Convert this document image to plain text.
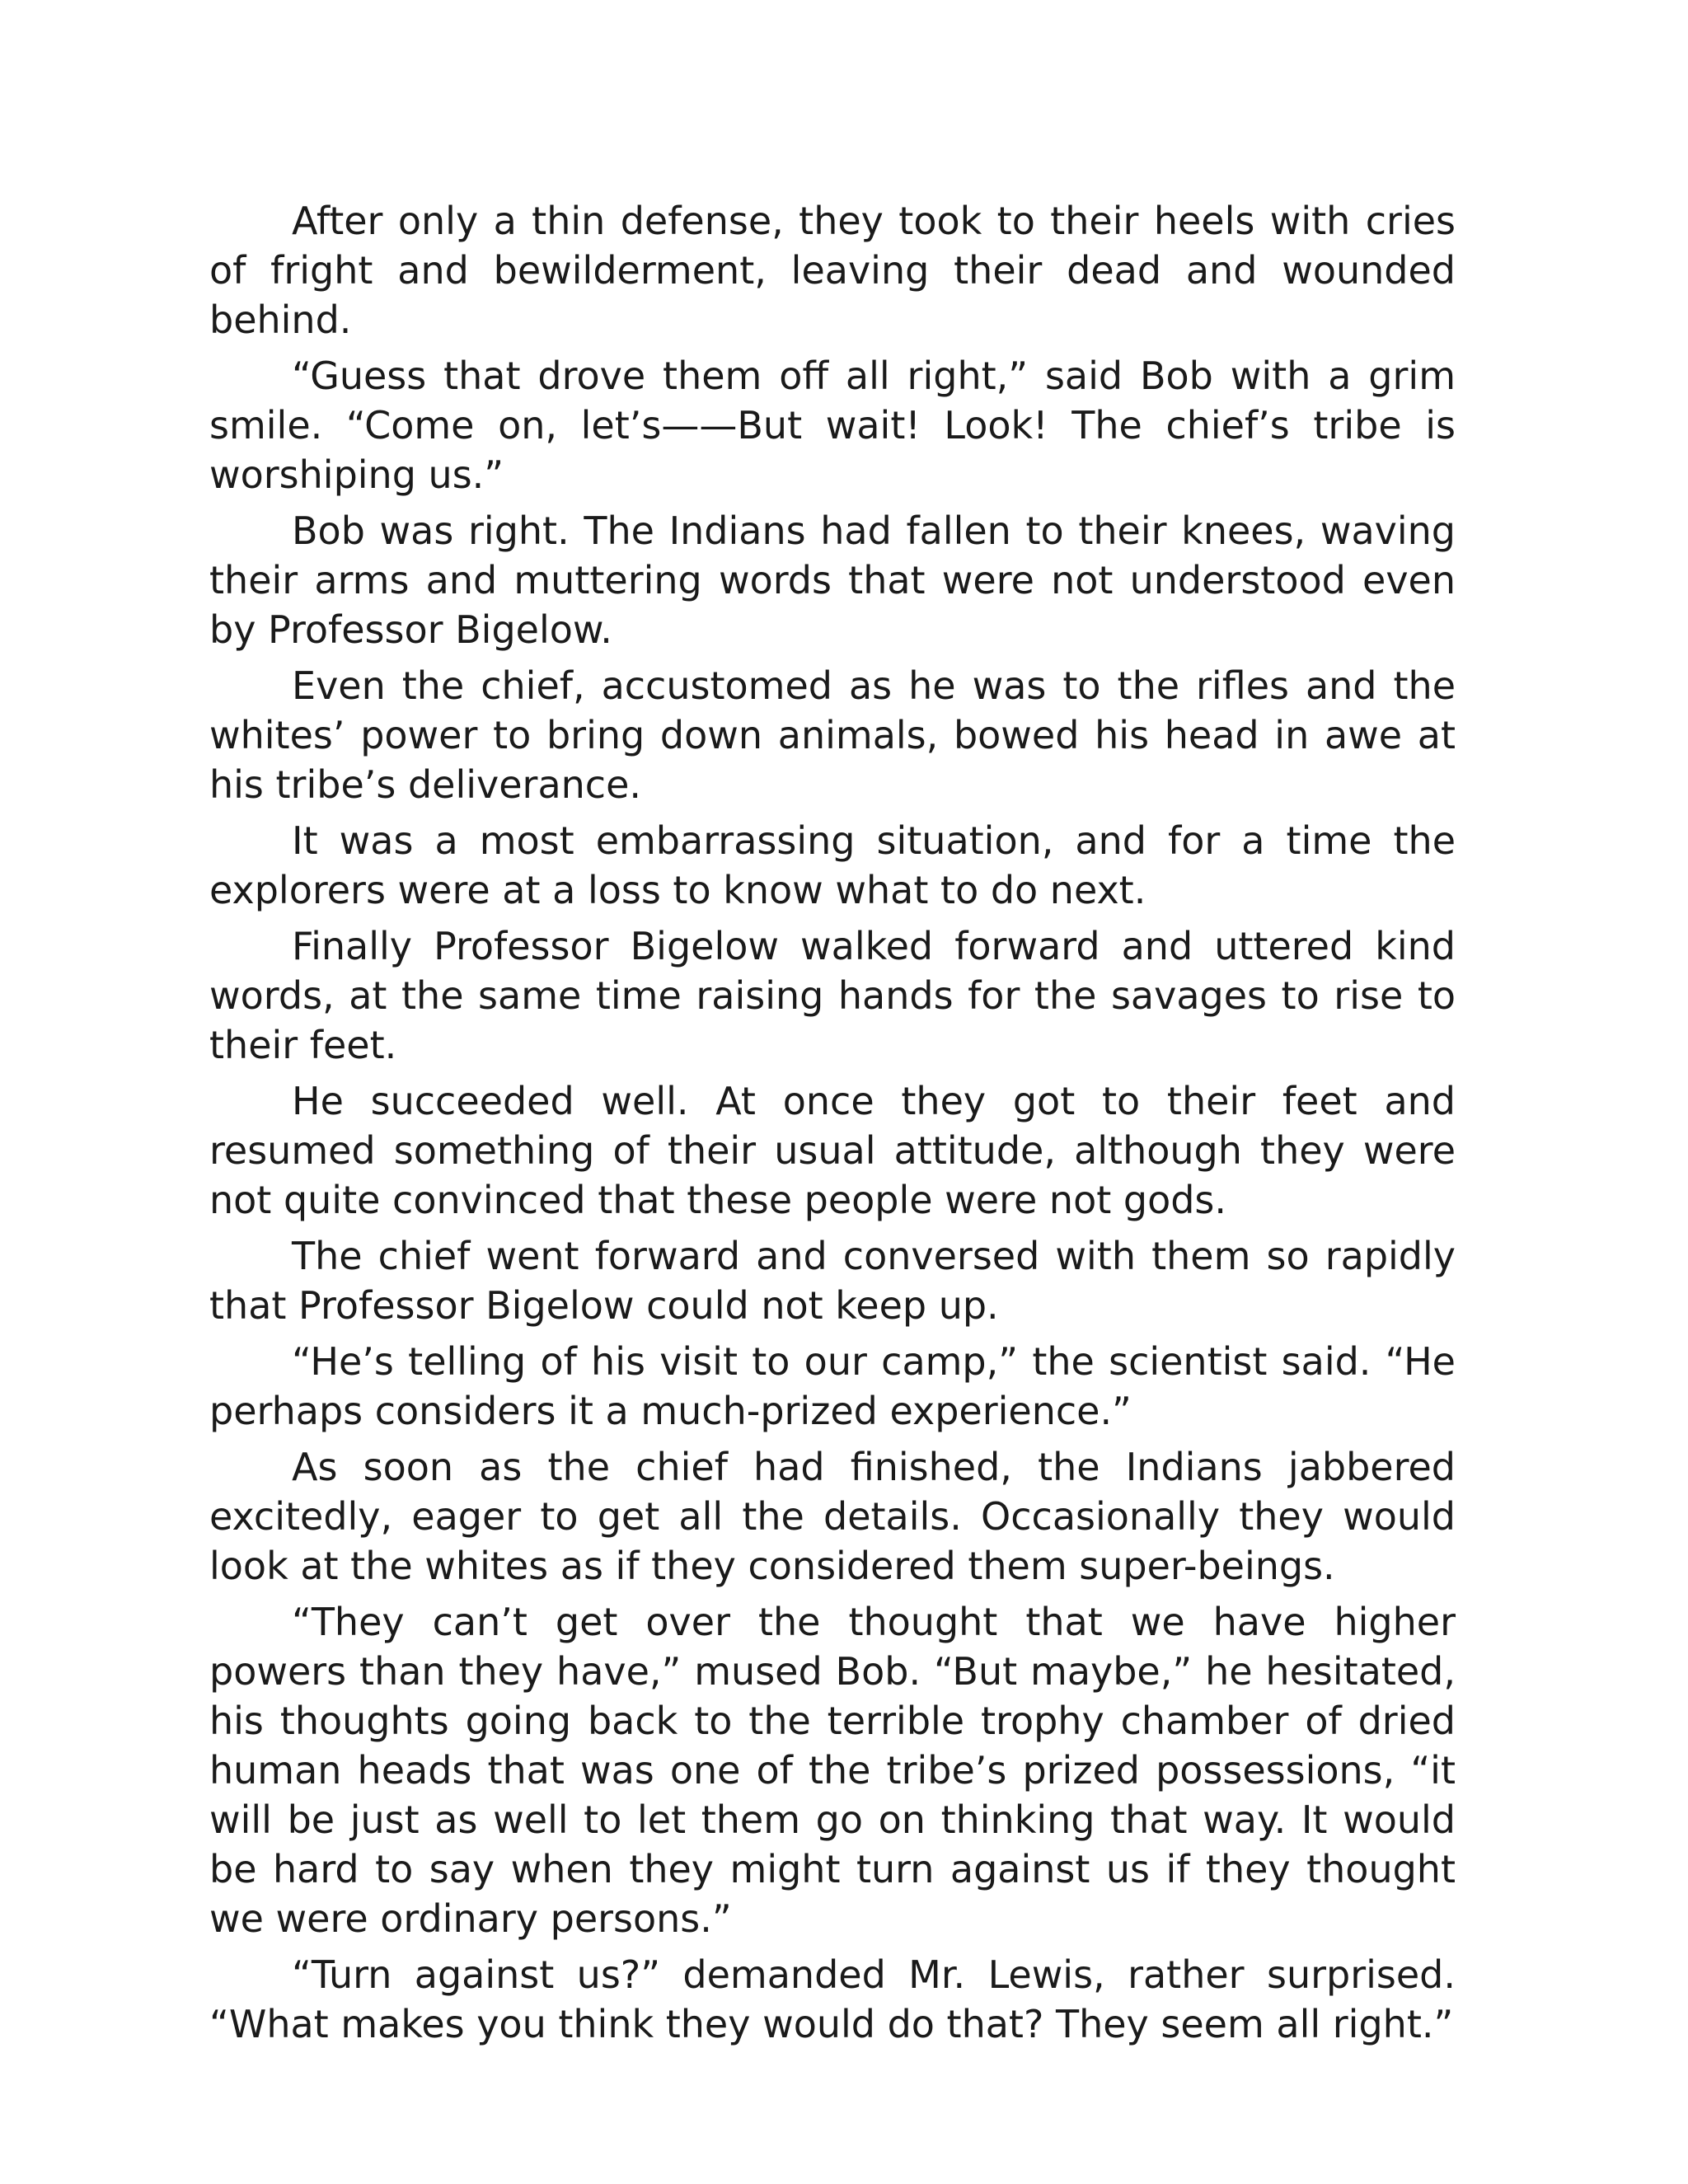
After only a thin defense, they took to their heels with cries of fright and bewilderment, leaving their dead and wounded behind.

“Guess that drove them off all right,” said Bob with a grim smile. “Come on, let’s——But wait! Look! The chief’s tribe is worshiping us.”

Bob was right. The Indians had fallen to their knees, waving their arms and muttering words that were not understood even by Professor Bigelow.

Even the chief, accustomed as he was to the rifles and the whites’ power to bring down animals, bowed his head in awe at his tribe’s deliverance.

It was a most embarrassing situation, and for a time the explorers were at a loss to know what to do next.

Finally Professor Bigelow walked forward and uttered kind words, at the same time raising hands for the savages to rise to their feet.

He succeeded well. At once they got to their feet and resumed something of their usual attitude, although they were not quite convinced that these people were not gods.

The chief went forward and conversed with them so rapidly that Professor Bigelow could not keep up.

“He’s telling of his visit to our camp,” the scientist said. “He perhaps considers it a much-prized experience.”

As soon as the chief had finished, the Indians jabbered excitedly, eager to get all the details. Occasionally they would look at the whites as if they considered them super-beings.

“They can’t get over the thought that we have higher powers than they have,” mused Bob. “But maybe,” he hesitated, his thoughts going back to the terrible trophy chamber of dried human heads that was one of the tribe’s prized possessions, “it will be just as well to let them go on thinking that way. It would be hard to say when they might turn against us if they thought we were ordinary persons.”

“Turn against us?” demanded Mr. Lewis, rather surprised. “What makes you think they would do that? They seem all right.”
